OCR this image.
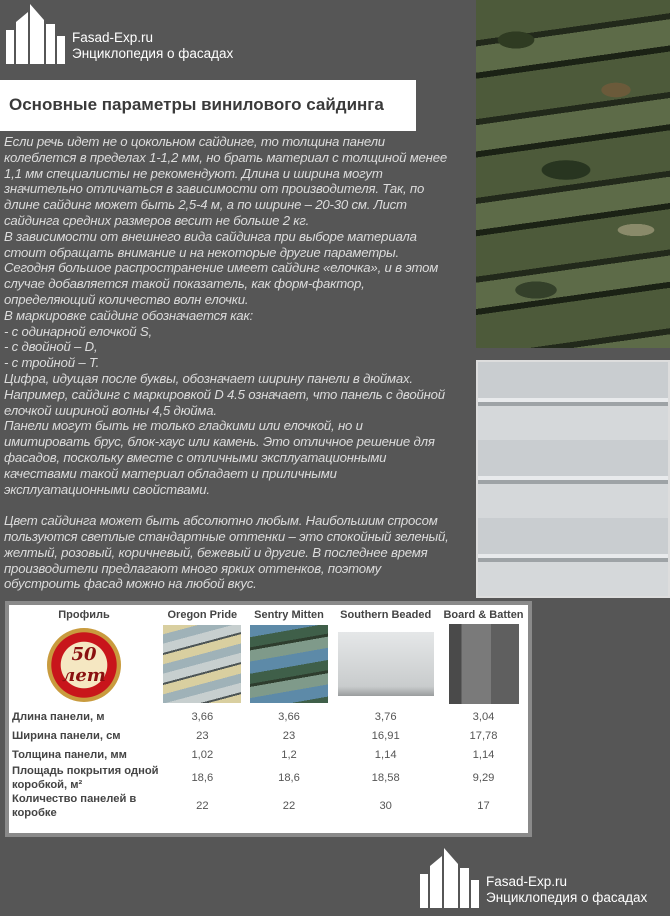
Fasad-Exp.ru
Энциклопедия о фасадах
Основные параметры винилового сайдинга
Если речь идет не о цокольном сайдинге, то толщина панели
колеблется в пределах 1-1,2 мм, но брать материал с толщиной менее
1,1 мм специалисты не рекомендуют. Длина и ширина могут
значительно отличаться в зависимости от производителя. Так, по
длине сайдинг может быть 2,5-4 м, а по ширине – 20-30 см. Лист
сайдинга средних размеров весит не больше 2 кг.
В зависимости от внешнего вида сайдинга при выборе материала
стоит обращать внимание и на некоторые другие параметры.
Сегодня большое распространение имеет сайдинг «елочка», и в этом
случае добавляется такой показатель, как форм-фактор,
определяющий количество волн елочки.
В маркировке сайдинг обозначается как:
- с одинарной елочкой S,
- с двойной – D,
- с тройной – T.
Цифра, идущая после буквы, обозначает ширину панели в дюймах.
Например, сайдинг с маркировкой D 4.5 означает, что панель с двойной
елочкой шириной волны 4,5 дюйма.
Панели могут быть не только гладкими или елочкой, но и
имитировать брус, блок-хаус или камень. Это отличное решение для
фасадов, поскольку вместе с отличными эксплуатационными
качествами такой материал обладает и приличными
эксплуатационными свойствами.
Цвет сайдинга может быть абсолютно любым. Наибольшим спросом
пользуются светлые стандартные оттенки – это спокойный зеленый,
желтый, розовый, коричневый, бежевый и другие. В последнее время
производители предлагают много ярких оттенков, поэтому
обустроить фасад можно на любой вкус.
Профиль	Oregon Pride	Sentry Mitten	Southern Beaded	Board & Batten
50 лет				
Длина панели, м	3,66	3,66	3,76	3,04
Ширина панели, см	23	23	16,91	17,78
Толщина панели, мм	1,02	1,2	1,14	1,14
Площадь покрытия одной коробкой, м²	18,6	18,6	18,58	9,29
Количество панелей в коробке	22	22	30	17
Fasad-Exp.ru
Энциклопедия о фасадах
